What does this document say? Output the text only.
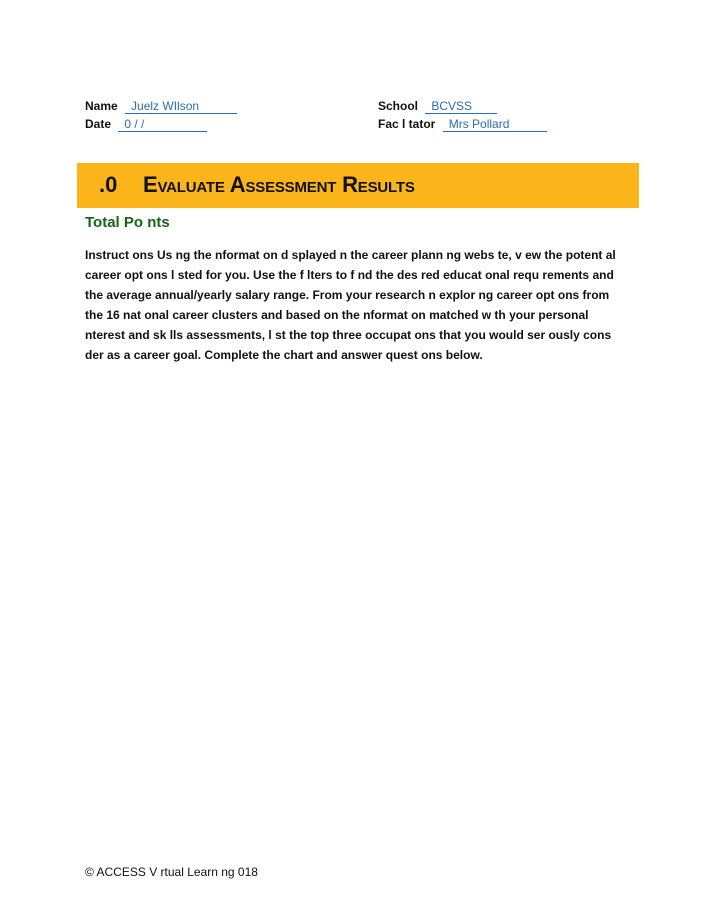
Name Juelz WIlson
Date 0 / /
School BCVSS
Fac l tator Mrs Pollard
.0 Evaluate Assessment Results
Total Po nts
Instruct ons Us ng the nformat on d splayed n the career plann ng webs te, v ew the potent al career opt ons l sted for you. Use the f lters to f nd the des red educat onal requ rements and the average annual/yearly salary range. From your research n explor ng career opt ons from the 16 nat onal career clusters and based on the nformat on matched w th your personal nterest and sk lls assessments, l st the top three occupat ons that you would ser ously cons der as a career goal. Complete the chart and answer quest ons below.
© ACCESS V rtual Learn ng 018
